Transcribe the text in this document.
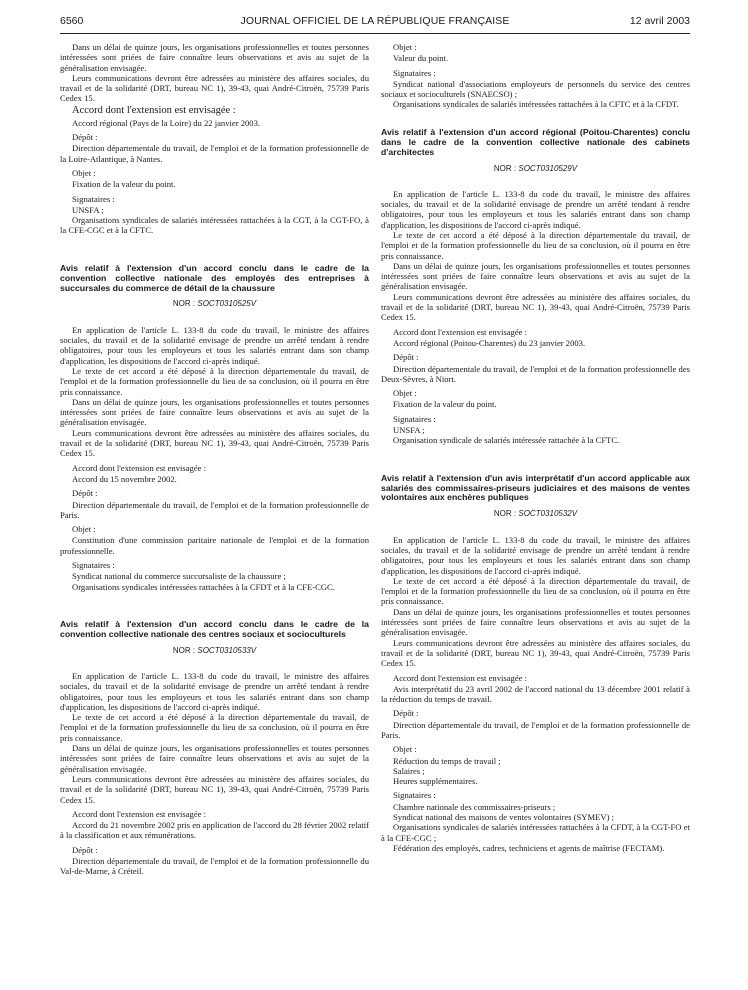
6560	JOURNAL OFFICIEL DE LA RÉPUBLIQUE FRANÇAISE	12 avril 2003

Dans un délai de quinze jours, les organisations professionnelles et toutes personnes intéressées sont priées de faire connaître leurs observations et avis au sujet de la généralisation envisagée.

Leurs communications devront être adressées au ministère des affaires sociales, du travail et de la solidarité (DRT, bureau NC 1), 39-43, quai André-Citroën, 75739 Paris Cedex 15.

Accord dont l'extension est envisagée :

Accord régional (Pays de la Loire) du 22 janvier 2003.

Dépôt :

Direction départementale du travail, de l'emploi et de la formation professionnelle de la Loire-Atlantique, à Nantes.

Objet :

Fixation de la valeur du point.

Signataires :

UNSFA ;

Organisations syndicales de salariés intéressées rattachées à la CGT, à la CGT-FO, à la CFE-CGC et à la CFTC.

Avis relatif à l'extension d'un accord conclu dans le cadre de la convention collective nationale des employés des entreprises à succursales du commerce de détail de la chaussure

NOR : SOCT0310525V

En application de l'article L. 133-8 du code du travail, le ministre des affaires sociales, du travail et de la solidarité envisage de prendre un arrêté tendant à rendre obligatoires, pour tous les employeurs et tous les salariés entrant dans son champ d'application, les dispositions de l'accord ci-après indiqué.

Le texte de cet accord a été déposé à la direction départementale du travail, de l'emploi et de la formation professionnelle du lieu de sa conclusion, où il pourra en être pris connaissance.

Dans un délai de quinze jours, les organisations professionnelles et toutes personnes intéressées sont priées de faire connaître leurs observations et avis au sujet de la généralisation envisagée.

Leurs communications devront être adressées au ministère des affaires sociales, du travail et de la solidarité (DRT, bureau NC 1), 39-43, quai André-Citroën, 75739 Paris Cedex 15.

Accord dont l'extension est envisagée :

Accord du 15 novembre 2002.

Dépôt :

Direction départementale du travail, de l'emploi et de la formation professionnelle de Paris.

Objet :

Constitution d'une commission paritaire nationale de l'emploi et de la formation professionnelle.

Signataires :

Syndicat national du commerce succursaliste de la chaussure ;

Organisations syndicales intéressées rattachées à la CFDT et à la CFE-CGC.

Avis relatif à l'extension d'un accord conclu dans le cadre de la convention collective nationale des centres sociaux et socioculturels

NOR : SOCT0310533V

En application de l'article L. 133-8 du code du travail, le ministre des affaires sociales, du travail et de la solidarité envisage de prendre un arrêté tendant à rendre obligatoires, pour tous les employeurs et tous les salariés entrant dans son champ d'application, les dispositions de l'accord ci-après indiqué.

Le texte de cet accord a été déposé à la direction départementale du travail, de l'emploi et de la formation professionnelle du lieu de sa conclusion, où il pourra en être pris connaissance.

Dans un délai de quinze jours, les organisations professionnelles et toutes personnes intéressées sont priées de faire connaître leurs observations et avis au sujet de la généralisation envisagée.

Leurs communications devront être adressées au ministère des affaires sociales, du travail et de la solidarité (DRT, bureau NC 1), 39-43, quai André-Citroën, 75739 Paris Cedex 15.

Accord dont l'extension est envisagée :

Accord du 21 novembre 2002 pris en application de l'accord du 28 février 2002 relatif à la classification et aux rémunérations.

Dépôt :

Direction départementale du travail, de l'emploi et de la formation professionnelle du Val-de-Marne, à Créteil.

Objet :

Valeur du point.

Signataires :

Syndicat national d'associations employeurs de personnels du service des centres sociaux et socioculturels (SNAECSO) ;

Organisations syndicales de salariés intéressées rattachées à la CFTC et à la CFDT.

Avis relatif à l'extension d'un accord régional (Poitou-Charentes) conclu dans le cadre de la convention collective nationale des cabinets d'architectes

NOR : SOCT0310529V

En application de l'article L. 133-8 du code du travail, le ministre des affaires sociales, du travail et de la solidarité envisage de prendre un arrêté tendant à rendre obligatoires, pour tous les employeurs et tous les salariés entrant dans son champ d'application, les dispositions de l'accord ci-après indiqué.

Le texte de cet accord a été déposé à la direction départementale du travail, de l'emploi et de la formation professionnelle du lieu de sa conclusion, où il pourra en être pris connaissance.

Dans un délai de quinze jours, les organisations professionnelles et toutes personnes intéressées sont priées de faire connaître leurs observations et avis au sujet de la généralisation envisagée.

Leurs communications devront être adressées au ministère des affaires sociales, du travail et de la solidarité (DRT, bureau NC 1), 39-43, quai André-Citroën, 75739 Paris Cedex 15.

Accord dont l'extension est envisagée :

Accord régional (Poitou-Charentes) du 23 janvier 2003.

Dépôt :

Direction départementale du travail, de l'emploi et de la formation professionnelle des Deux-Sèvres, à Niort.

Objet :

Fixation de la valeur du point.

Signataires :

UNSFA ;

Organisation syndicale de salariés intéressée rattachée à la CFTC.

Avis relatif à l'extension d'un avis interprétatif d'un accord applicable aux salariés des commissaires-priseurs judiciaires et des maisons de ventes volontaires aux enchères publiques

NOR : SOCT0310532V

En application de l'article L. 133-8 du code du travail, le ministre des affaires sociales, du travail et de la solidarité envisage de prendre un arrêté tendant à rendre obligatoires, pour tous les employeurs et tous les salariés entrant dans son champ d'application, les dispositions de l'accord ci-après indiqué.

Le texte de cet accord a été déposé à la direction départementale du travail, de l'emploi et de la formation professionnelle du lieu de sa conclusion, où il pourra en être pris connaissance.

Dans un délai de quinze jours, les organisations professionnelles et toutes personnes intéressées sont priées de faire connaître leurs observations et avis au sujet de la généralisation envisagée.

Leurs communications devront être adressées au ministère des affaires sociales, du travail et de la solidarité (DRT, bureau NC 1), 39-43, quai André-Citroën, 75739 Paris Cedex 15.

Accord dont l'extension est envisagée :

Avis interprétatif du 23 avril 2002 de l'accord national du 13 décembre 2001 relatif à la réduction du temps de travail.

Dépôt :

Direction départementale du travail, de l'emploi et de la formation professionnelle de Paris.

Objet :

Réduction du temps de travail ;

Salaires ;

Heures supplémentaires.

Signataires :

Chambre nationale des commissaires-priseurs ;

Syndicat national des maisons de ventes volontaires (SYMEV) ;

Organisations syndicales de salariés intéressées rattachées à la CFDT, à la CGT-FO et à la CFE-CGC ;

Fédération des employés, cadres, techniciens et agents de maîtrise (FECTAM).
